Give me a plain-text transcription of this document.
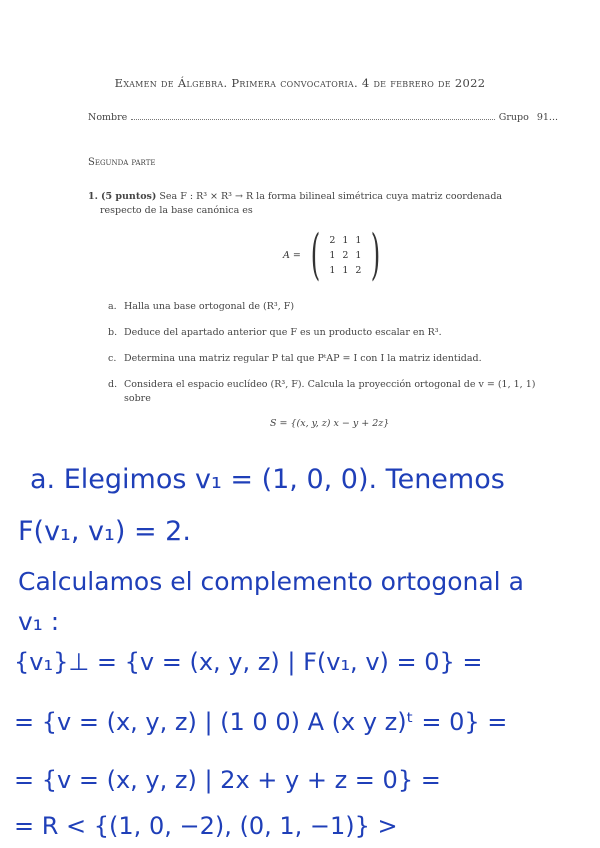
Examen de Álgebra. Primera convocatoria. 4 de febrero de 2022
Nombre	Grupo 91...
Segunda parte
1. (5 puntos) Sea F : R³ × R³ → R la forma bilineal simétrica cuya matriz coordenada
respecto de la base canónica es
A = ( 2 1 1
1 2 1
1 1 2 )
a. Halla una base ortogonal de (R³, F)
b. Deduce del apartado anterior que F es un producto escalar en R³.
c. Determina una matriz regular P tal que PᵗAP = I con I la matriz identidad.
d. Considera el espacio euclídeo (R³, F). Calcula la proyección ortogonal de v = (1, 1, 1)
sobre
S = {(x, y, z) x − y + 2z}
a. Elegimos v₁ = (1, 0, 0). Tenemos
F(v₁, v₁) = 2.
Calculamos el complemento ortogonal a
v₁ :
{v₁}⊥ = {v = (x, y, z) | F(v₁, v) = 0} =
= {v = (x, y, z) | (1 0 0) A (x y z)ᵗ = 0} =
= {v = (x, y, z) | 2x + y + z = 0} =
= R < {(1, 0, −2), (0, 1, −1)} >
